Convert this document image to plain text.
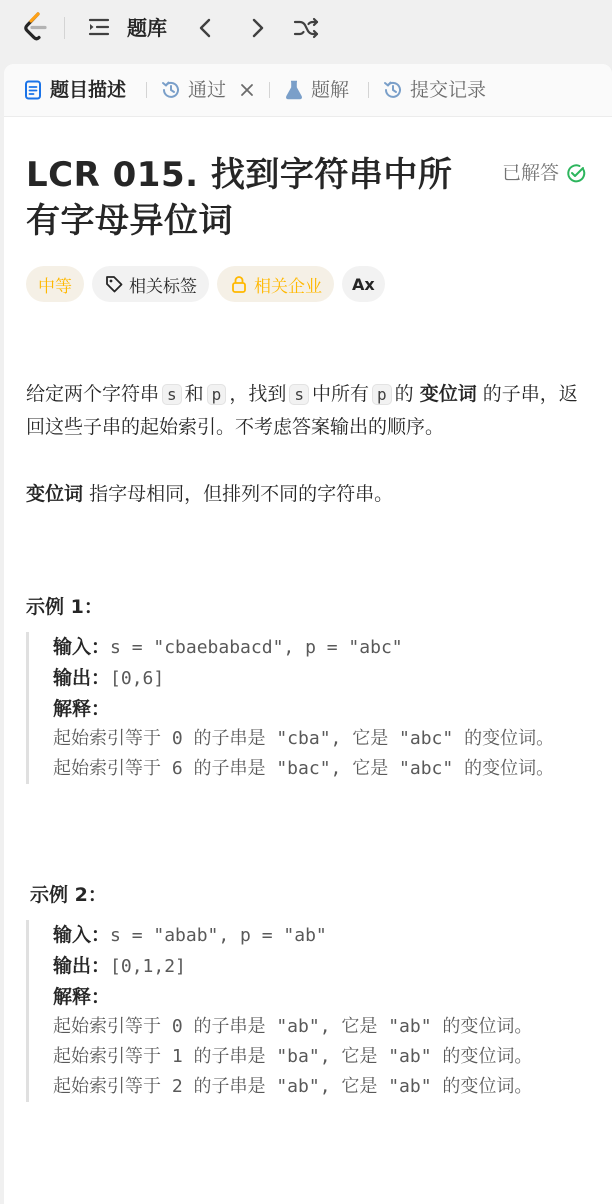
题库
题目描述	通过	题解	提交记录
LCR 015. 找到字符串中所有字母异位词
已解答
中等	相关标签	相关企业 Ax
给定两个字符串 s 和 p ，找到 s 中所有 p 的 变位词 的子串，返回这些子串的起始索引。不考虑答案输出的顺序。
变位词 指字母相同，但排列不同的字符串。
示例 1：
输入：s = "cbaebabacd", p = "abc"
输出：[0,6]
解释：
起始索引等于 0 的子串是 "cba", 它是 "abc" 的变位词。
起始索引等于 6 的子串是 "bac", 它是 "abc" 的变位词。
示例 2：
输入：s = "abab", p = "ab"
输出：[0,1,2]
解释：
起始索引等于 0 的子串是 "ab", 它是 "ab" 的变位词。
起始索引等于 1 的子串是 "ba", 它是 "ab" 的变位词。
起始索引等于 2 的子串是 "ab", 它是 "ab" 的变位词。
